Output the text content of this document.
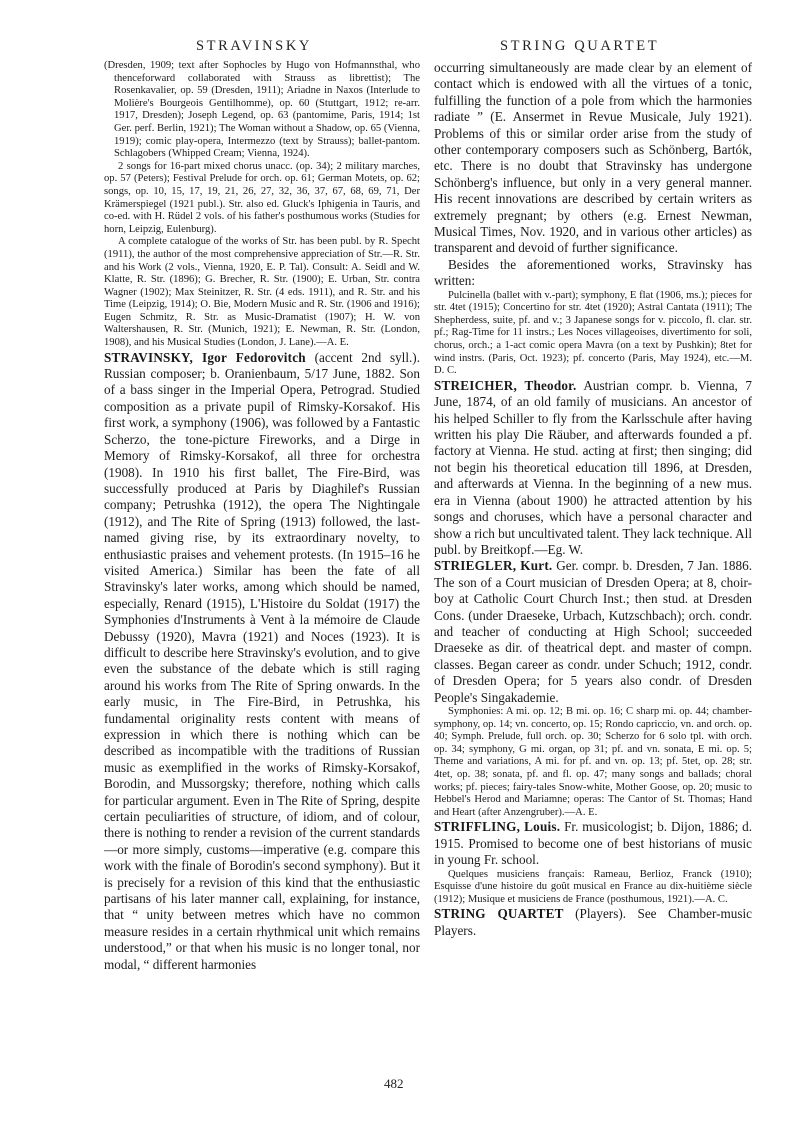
STRAVINSKY	STRING QUARTET

(Dresden, 1909; text after Sophocles by Hugo von Hofmannsthal, who thenceforward collaborated with Strauss as librettist); The Rosenkavalier, op. 59 (Dresden, 1911); Ariadne in Naxos (Interlude to Molière's Bourgeois Gentilhomme), op. 60 (Stuttgart, 1912; re-arr. 1917, Dresden); Joseph Legend, op. 63 (pantomime, Paris, 1914; 1st Ger. perf. Berlin, 1921); The Woman without a Shadow, op. 65 (Vienna, 1919); comic play-opera, Intermezzo (text by Strauss); ballet-pantom. Schlagobers (Whipped Cream; Vienna, 1924).

2 songs for 16-part mixed chorus unacc. (op. 34); 2 military marches, op. 57 (Peters); Festival Prelude for orch. op. 61; German Motets, op. 62; songs, op. 10, 15, 17, 19, 21, 26, 27, 32, 36, 37, 67, 68, 69, 71, Der Krämerspiegel (1921 publ.). Str. also ed. Gluck's Iphigenia in Tauris, and co-ed. with H. Rüdel 2 vols. of his father's posthumous works (Studies for horn, Leipzig, Eulenburg).

A complete catalogue of the works of Str. has been publ. by R. Specht (1911), the author of the most comprehensive appreciation of Str.—R. Str. and his Work (2 vols., Vienna, 1920, E. P. Tal). Consult: A. Seidl and W. Klatte, R. Str. (1896); G. Brecher, R. Str. (1900); E. Urban, Str. contra Wagner (1902); Max Steinitzer, R. Str. (4 eds. 1911), and R. Str. and his Time (Leipzig, 1914); O. Bie, Modern Music and R. Str. (1906 and 1916); Eugen Schmitz, R. Str. as Music-Dramatist (1907); H. W. von Waltershausen, R. Str. (Munich, 1921); E. Newman, R. Str. (London, 1908), and his Musical Studies (London, J. Lane).—A. E.

STRAVINSKY, Igor Fedorovitch (accent 2nd syll.). Russian composer; b. Oranienbaum, 5/17 June, 1882. Son of a bass singer in the Imperial Opera, Petrograd. Studied composition as a private pupil of Rimsky-Korsakof. His first work, a symphony (1906), was followed by a Fantastic Scherzo, the tone-picture Fireworks, and a Dirge in Memory of Rimsky-Korsakof, all three for orchestra (1908). In 1910 his first ballet, The Fire-Bird, was successfully produced at Paris by Diaghilef's Russian company; Petrushka (1912), the opera The Nightingale (1912), and The Rite of Spring (1913) followed, the last-named giving rise, by its extraordinary novelty, to enthusiastic praises and vehement protests. (In 1915–16 he visited America.) Similar has been the fate of all Stravinsky's later works, among which should be named, especially, Renard (1915), L'Histoire du Soldat (1917) the Symphonies d'Instruments à Vent à la mémoire de Claude Debussy (1920), Mavra (1921) and Noces (1923). It is difficult to describe here Stravinsky's evolution, and to give even the substance of the debate which is still raging around his works from The Rite of Spring onwards. In the early music, in The Fire-Bird, in Petrushka, his fundamental originality rests content with means of expression in which there is nothing which can be described as incompatible with the traditions of Russian music as exemplified in the works of Rimsky-Korsakof, Borodin, and Mussorgsky; therefore, nothing which calls for particular argument. Even in The Rite of Spring, despite certain peculiarities of structure, of idiom, and of colour, there is nothing to render a revision of the current standards—or more simply, customs—imperative (e.g. compare this work with the finale of Borodin's second symphony). But it is precisely for a revision of this kind that the enthusiastic partisans of his later manner call, explaining, for instance, that “ unity between metres which have no common measure resides in a certain rhythmical unit which remains understood,” or that when his music is no longer tonal, nor modal, “ different harmonies

occurring simultaneously are made clear by an element of contact which is endowed with all the virtues of a tonic, fulfilling the function of a pole from which the harmonies radiate ” (E. Ansermet in Revue Musicale, July 1921). Problems of this or similar order arise from the study of other contemporary composers such as Schönberg, Bartók, etc. There is no doubt that Stravinsky has undergone Schönberg's influence, but only in a very general manner. His recent innovations are described by certain writers as extremely pregnant; by others (e.g. Ernest Newman, Musical Times, Nov. 1920, and in various other articles) as transparent and devoid of further significance.

Besides the aforementioned works, Stravinsky has written:

Pulcinella (ballet with v.-part); symphony, E flat (1906, ms.); pieces for str. 4tet (1915); Concertino for str. 4tet (1920); Astral Cantata (1911); The Shepherdess, suite, pf. and v.; 3 Japanese songs for v. piccolo, fl. clar. str. pf.; Rag-Time for 11 instrs.; Les Noces villageoises, divertimento for soli, chorus, orch.; a 1-act comic opera Mavra (on a text by Pushkin); 8tet for wind instrs. (Paris, Oct. 1923); pf. concerto (Paris, May 1924), etc.—M. D. C.

STREICHER, Theodor. Austrian compr. b. Vienna, 7 June, 1874, of an old family of musicians. An ancestor of his helped Schiller to fly from the Karlsschule after having written his play Die Räuber, and afterwards founded a pf. factory at Vienna. He stud. acting at first; then singing; did not begin his theoretical education till 1896, at Dresden, and afterwards at Vienna. In the beginning of a new mus. era in Vienna (about 1900) he attracted attention by his songs and choruses, which have a personal character and show a rich but uncultivated talent. They lack technique. All publ. by Breitkopf.—Eg. W.

STRIEGLER, Kurt. Ger. compr. b. Dresden, 7 Jan. 1886. The son of a Court musician of Dresden Opera; at 8, choir-boy at Catholic Court Church Inst.; then stud. at Dresden Cons. (under Draeseke, Urbach, Kutzschbach); orch. condr. and teacher of conducting at High School; succeeded Draeseke as dir. of theatrical dept. and master of compn. classes. Began career as condr. under Schuch; 1912, condr. of Dresden Opera; for 5 years also condr. of Dresden People's Singakademie.

Symphonies: A mi. op. 12; B mi. op. 16; C sharp mi. op. 44; chamber-symphony, op. 14; vn. concerto, op. 15; Rondo capriccio, vn. and orch. op. 40; Symph. Prelude, full orch. op. 30; Scherzo for 6 solo tpl. with orch. op. 34; symphony, G mi. organ, op 31; pf. and vn. sonata, E mi. op. 5; Theme and variations, A mi. for pf. and vn. op. 13; pf. 5tet, op. 28; str. 4tet, op. 38; sonata, pf. and fl. op. 47; many songs and ballads; choral works; pf. pieces; fairy-tales Snow-white, Mother Goose, op. 20; music to Hebbel's Herod and Mariamne; operas: The Cantor of St. Thomas; Hand and Heart (after Anzengruber).—A. E.

STRIFFLING, Louis. Fr. musicologist; b. Dijon, 1886; d. 1915. Promised to become one of best historians of music in young Fr. school.

Quelques musiciens français: Rameau, Berlioz, Franck (1910); Esquisse d'une histoire du goût musical en France au dix-huitième siècle (1912); Musique et musiciens de France (posthumous, 1921).—A. C.

STRING QUARTET (Players). See Chamber-music Players.

482
